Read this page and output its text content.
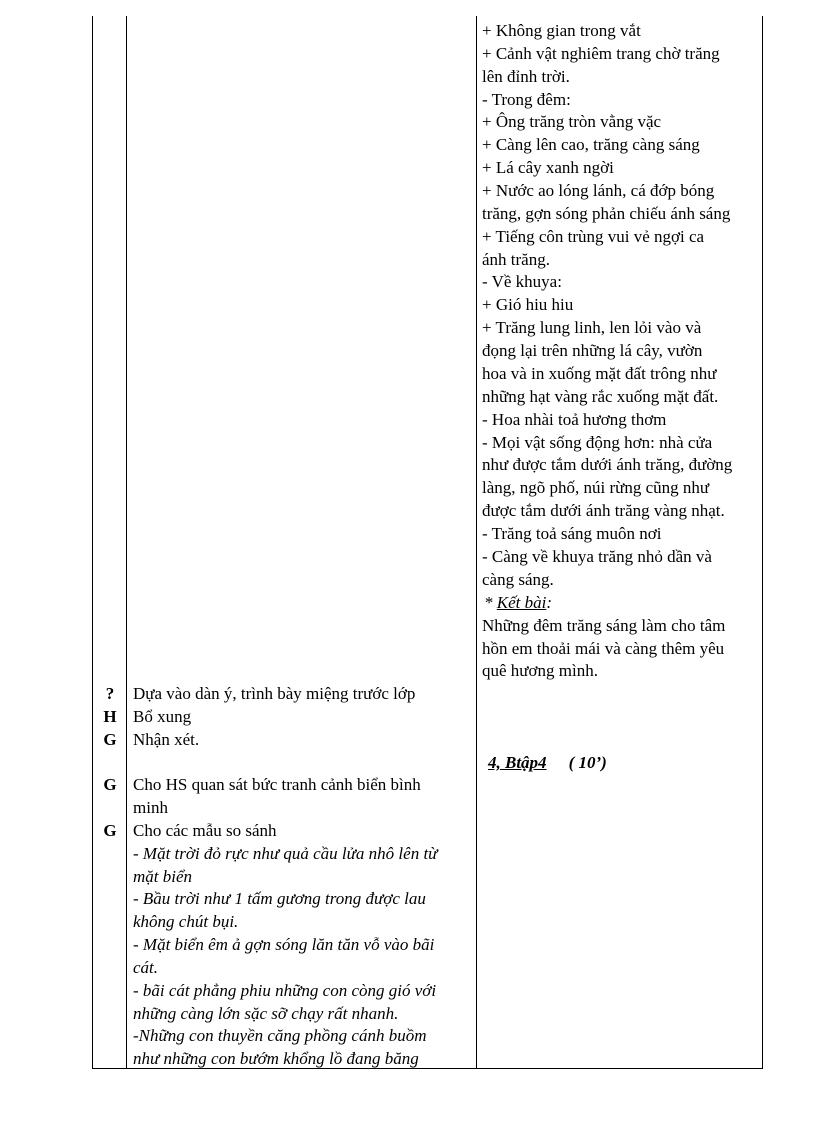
+ Không gian trong vắt
+ Cảnh vật nghiêm trang chờ trăng
lên đỉnh trời.
- Trong đêm:
+ Ông trăng tròn vằng vặc
+ Càng lên cao, trăng càng sáng
+ Lá cây xanh ngời
+ Nước ao lóng lánh, cá đớp bóng
trăng, gợn sóng phản chiếu ánh sáng
+ Tiếng côn trùng vui vẻ ngợi ca
ánh trăng.
- Về khuya:
+ Gió hiu hiu
+ Trăng lung linh, len lỏi vào và
đọng lại trên những lá cây, vườn
hoa và in xuống mặt đất trông như
những hạt vàng rắc xuống mặt đất.
- Hoa nhài toả hương thơm
- Mọi vật sống động hơn: nhà cửa
như được tắm dưới ánh trăng, đường
làng, ngõ phố, núi rừng cũng như
được tắm dưới ánh trăng vàng nhạt.
- Trăng toả sáng muôn nơi
- Càng về khuya trăng nhỏ dần và
càng sáng.
* Kết bài:
Những đêm trăng sáng làm cho tâm
hồn em thoải mái và càng thêm yêu
quê hương mình.
4, Btập4 ( 10’)
?	Dựa vào dàn ý, trình bày miệng trước lớp
H Bổ xung
G Nhận xét.
G Cho HS quan sát bức tranh cảnh biển bình
minh
G Cho các mẫu so sánh
- Mặt trời đỏ rực như quả cầu lửa nhô lên từ
mặt biển
- Bầu trời như 1 tấm gương trong được lau
không chút bụi.
- Mặt biển êm ả gợn sóng lăn tăn vỗ vào bãi
cát.
- bãi cát phẳng phiu những con còng gió với
những càng lớn sặc sỡ chạy rất nhanh.
-Những con thuyền căng phồng cánh buồm
như những con bướm khổng lồ đang băng
